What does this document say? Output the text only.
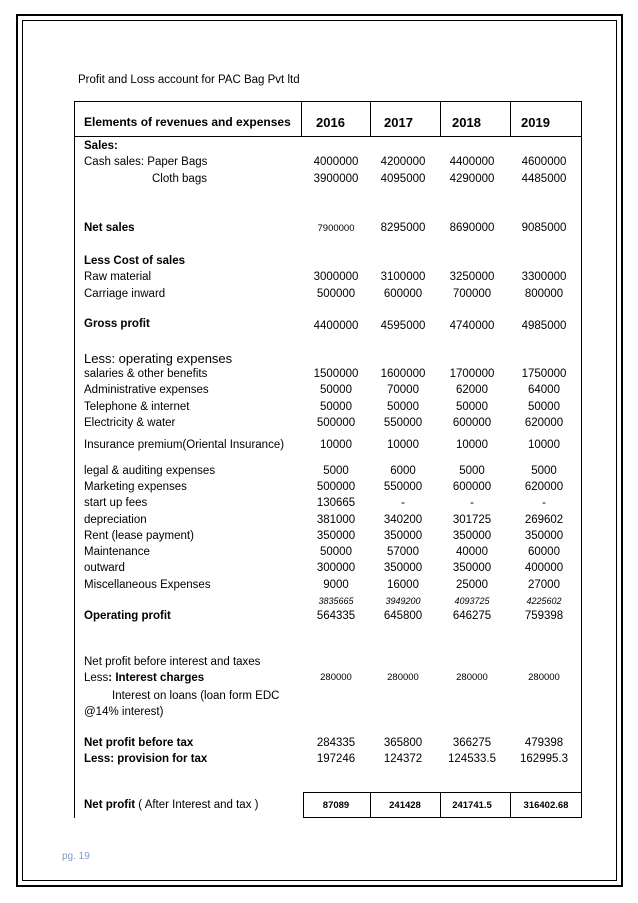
Profit and Loss account for PAC Bag Pvt ltd
Elements of revenues and expenses 2016	2017	2018	2019
Sales:
Cash sales: Paper Bags	4000000	4200000	4400000	4600000
Cloth bags	3900000	4095000	4290000	4485000
Net sales	7900000	8295000	8690000	9085000
Less Cost of sales
Raw material	3000000	3100000	3250000	3300000
Carriage inward	500000	600000	700000	800000
Gross profit	4400000	4595000	4740000	4985000
Less: operating expenses
salaries & other benefits	1500000	1600000	1700000	1750000
Administrative expenses	50000	70000	62000	64000
Telephone & internet	50000	50000	50000	50000
Electricity & water	500000	550000	600000	620000
Insurance premium(Oriental Insurance)	10000	10000	10000	10000
legal & auditing expenses	5000	6000	5000	5000
Marketing expenses	500000	550000	600000	620000
start up fees	130665	-	-	-
depreciation	381000	340200	301725	269602
Rent (lease payment)	350000	350000	350000	350000
Maintenance	50000	57000	40000	60000
outward	300000	350000	350000	400000
Miscellaneous Expenses	9000	16000	25000	27000
3835665	3949200	4093725	4225602
Operating profit	564335	645800	646275	759398
Net profit before interest and taxes
Less: Interest charges	280000	280000	280000	280000
Interest on loans (loan form EDC
@14% interest)
Net profit before tax	284335	365800	366275	479398
Less: provision for tax	197246	124372	124533.5	162995.3
Net profit ( After Interest and tax )	87089	241428	241741.5	316402.68
pg. 19
